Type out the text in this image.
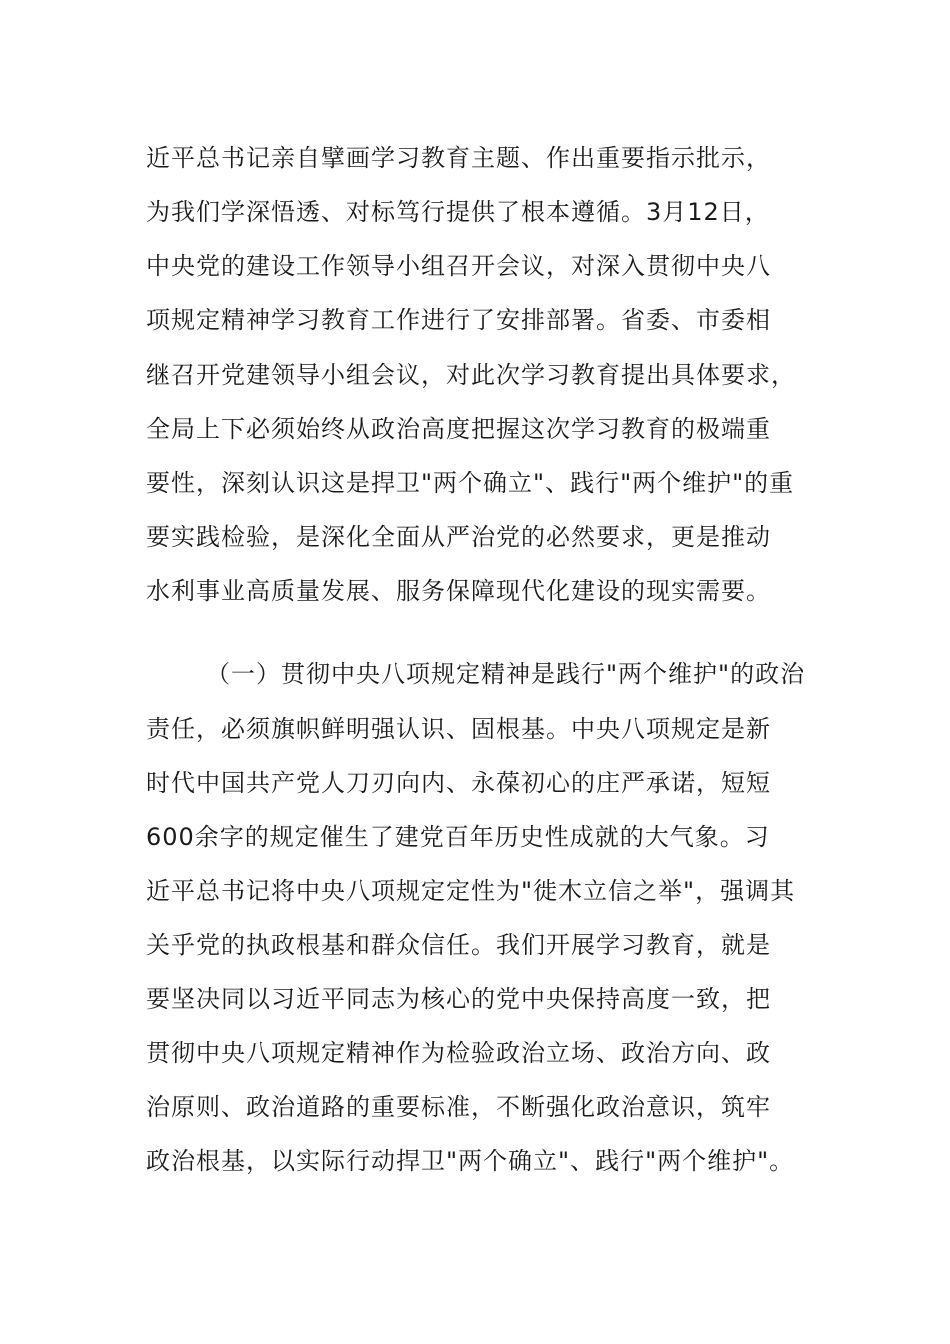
近平总书记亲自擘画学习教育主题、作出重要指示批示，
为我们学深悟透、对标笃行提供了根本遵循。3月12日，
中央党的建设工作领导小组召开会议，对深入贯彻中央八
项规定精神学习教育工作进行了安排部署。省委、市委相
继召开党建领导小组会议，对此次学习教育提出具体要求，
全局上下必须始终从政治高度把握这次学习教育的极端重
要性，深刻认识这是捍卫"两个确立"、践行"两个维护"的重
要实践检验，是深化全面从严治党的必然要求，更是推动
水利事业高质量发展、服务保障现代化建设的现实需要。
（一）贯彻中央八项规定精神是践行"两个维护"的政治
责任，必须旗帜鲜明强认识、固根基。中央八项规定是新
时代中国共产党人刀刃向内、永葆初心的庄严承诺，短短
600余字的规定催生了建党百年历史性成就的大气象。习
近平总书记将中央八项规定定性为"徙木立信之举"，强调其
关乎党的执政根基和群众信任。我们开展学习教育，就是
要坚决同以习近平同志为核心的党中央保持高度一致，把
贯彻中央八项规定精神作为检验政治立场、政治方向、政
治原则、政治道路的重要标准，不断强化政治意识，筑牢
政治根基，以实际行动捍卫"两个确立"、践行"两个维护"。
